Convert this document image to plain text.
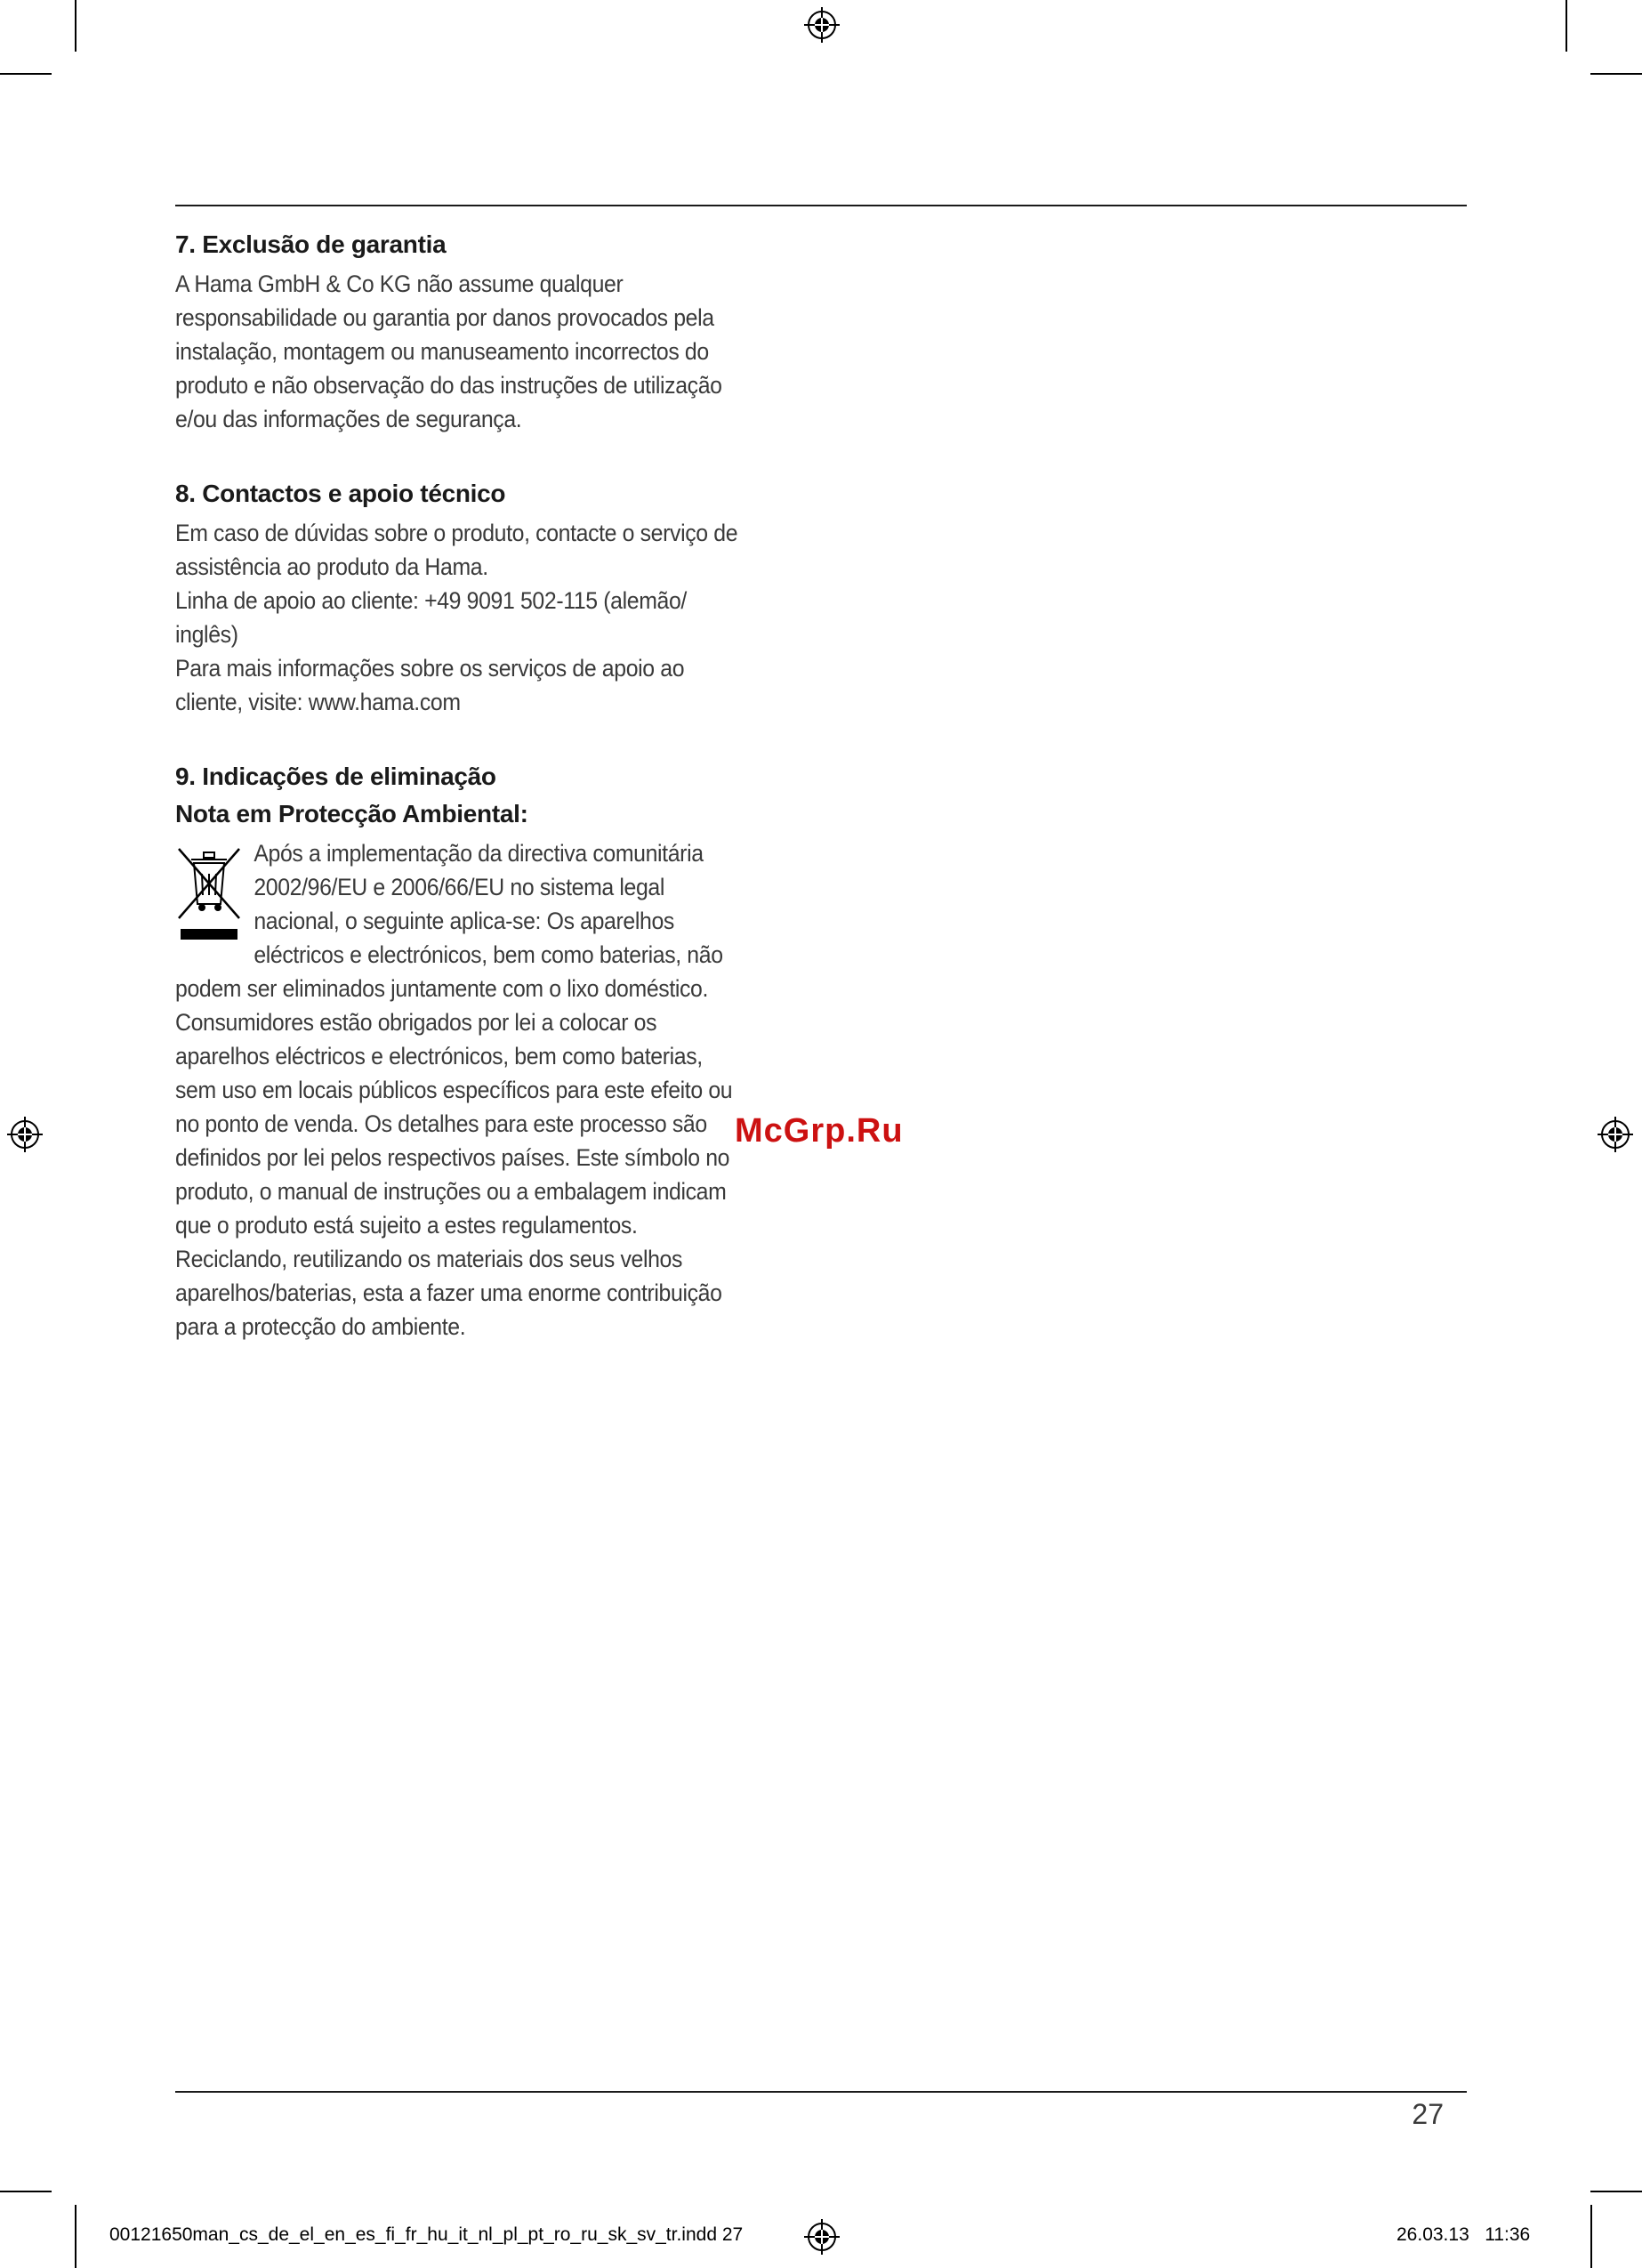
7. Exclusão de garantia
A Hama GmbH & Co KG não assume qualquer
responsabilidade ou garantia por danos provocados pela
instalação, montagem ou manuseamento incorrectos do
produto e não observação do das instruções de utilização
e/ou das informações de segurança.
8. Contactos e apoio técnico
Em caso de dúvidas sobre o produto, contacte o serviço de
assistência ao produto da Hama.
Linha de apoio ao cliente: +49 9091 502-115 (alemão/
inglês)
Para mais informações sobre os serviços de apoio ao
cliente, visite: www.hama.com
9. Indicações de eliminação
Nota em Protecção Ambiental:
Após a implementação da directiva comunitária
2002/96/EU e 2006/66/EU no sistema legal
nacional, o seguinte aplica-se: Os aparelhos
eléctricos e electrónicos, bem como baterias, não
podem ser eliminados juntamente com o lixo doméstico.
Consumidores estão obrigados por lei a colocar os
aparelhos eléctricos e electrónicos, bem como baterias,
sem uso em locais públicos específicos para este efeito ou
no ponto de venda. Os detalhes para este processo são
definidos por lei pelos respectivos países. Este símbolo no
produto, o manual de instruções ou a embalagem indicam
que o produto está sujeito a estes regulamentos.
Reciclando, reutilizando os materiais dos seus velhos
aparelhos/baterias, esta a fazer uma enorme contribuição
para a protecção do ambiente.
McGrp.Ru
27
00121650man_cs_de_el_en_es_fi_fr_hu_it_nl_pl_pt_ro_ru_sk_sv_tr.indd 27	26.03.13   11:36
